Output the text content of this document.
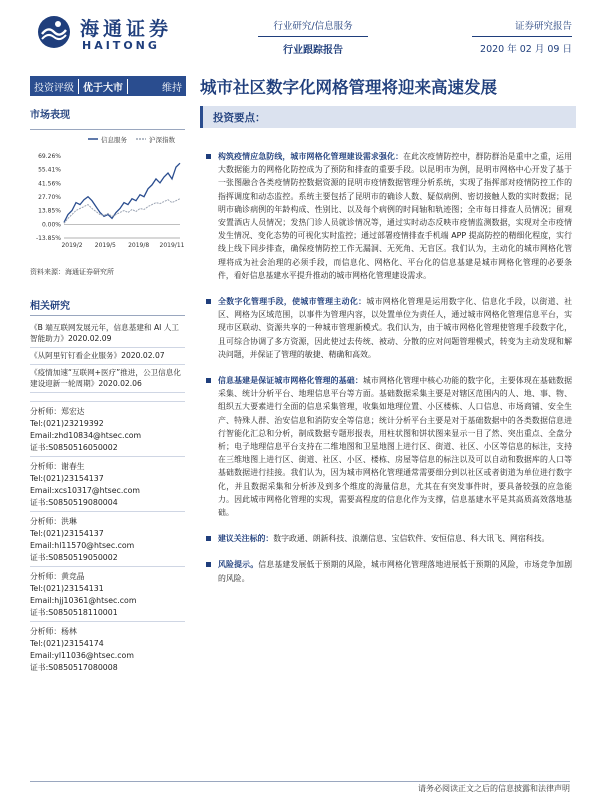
海通证券
HAITONG
行业研究/信息服务
行业跟踪报告
证券研究报告
2020 年 02 月 09 日
投资评级 优于大市	维持 城市社区数字化网格管理将迎来高速发展
市场表现
信息服务	沪深指数
69.26%
55.41%
41.56%
27.70%
13.85%
0.00%
-13.85%
2019/2 2019/5 2019/8 2019/11
资料来源：海通证券研究所
相关研究
《B 端互联网发展元年，信息基建和 AI 人工智能助力》2020.02.09
《从阿里钉钉看企业服务》2020.02.07
《疫情加速“互联网+医疗”推进，公卫信息化建设迎新一轮周期》2020.02.06
分析师：郑宏达
Tel:(021)23219392
Email:zhd10834@htsec.com
证书:S0850516050002
分析师：谢春生
Tel:(021)23154137
Email:xcs10317@htsec.com
证书:S0850519080004
分析师：洪琳
Tel:(021)23154137
Email:hl11570@htsec.com
证书:S0850519050002
分析师：黄竞晶
Tel:(021)23154131
Email:hjj10361@htsec.com
证书:S0850518110001
分析师：杨林
Tel:(021)23154174
Email:yl11036@htsec.com
证书:S0850517080008
投资要点：
构筑疫情应急防线，城市网格化管理建设需求强化：在此次疫情防控中，群防群治是重中之重，运用大数据能力的网格化防控成为了预防和排查的重要手段。以昆明市为例，昆明市网格中心开发了基于一张图融合各类疫情防控数据资源的昆明市疫情数据管理分析系统，实现了指挥部对疫情防控工作的指挥调度和动态监控。系统主要包括了昆明市的确诊人数、疑似病例、密切接触人数的实时数据；昆明市确诊病例的年龄构成、性别比、以及每个病例的时间轴和轨迹图；全市每日排查人员情况；留观安置酒店人员情况；发热门诊人员就诊情况等，通过实时动态反映市疫情监测数据，实现对全市疫情发生情况、变化态势的可视化实时监控；通过部署疫情排查手机端 APP 提高防控的精细化程度，实行线上线下同步排查，确保疫情防控工作无漏洞、无死角、无盲区。我们认为，主动化的城市网格化管理将成为社会治理的必须手段，而信息化、网格化、平台化的信息基建是城市网格化管理的必要条件，看好信息基建水平提升推动的城市网格化管理建设需求。
全数字化管理手段，使城市管理主动化：城市网格化管理是运用数字化、信息化手段，以街道、社区、网格为区域范围，以事件为管理内容，以处置单位为责任人，通过城市网格化管理信息平台，实现市区联动、资源共享的一种城市管理新模式。我们认为，由于城市网格化管理使管理手段数字化，且可综合协调了多方资源，因此使过去传统、被动、分散的应对问题管理模式，转变为主动发现和解决问题，并保证了管理的敏捷、精确和高效。
信息基建是保证城市网格化管理的基础：城市网格化管理中核心功能的数字化，主要体现在基础数据采集、统计分析平台、地理信息平台等方面。基础数据采集主要是对辖区范围内的人、地、事、物、组织五大要素进行全面的信息采集管理，收集如地理位置、小区楼栋、人口信息、市场商铺、安全生产、特殊人群、治安信息和消防安全等信息；统计分析平台主要是对于基础数据中的各类数据信息进行智能化汇总和分析，制成数据专题形报表，用柱状图和饼状图来显示一目了然、突出重点、全盘分析；电子地理信息平台支持在二维地图和卫星地图上进行区、街道、社区、小区等信息的标注，支持在三维地图上进行区、街道、社区、小区、楼栋、房屋等信息的标注以及可以自动和数据库的人口等基础数据进行挂接。我们认为，因为城市网格化管理通常需要细分到以社区或者街道为单位进行数字化，并且数据采集和分析涉及到多个维度的海量信息，尤其在有突发事件时，要具备较强的应急能力。因此城市网格化管理的实现，需要高程度的信息化作为支撑，信息基建水平是其高质高效落地基础。
建议关注标的：数字政通、朗新科技、浪潮信息、宝信软件、安恒信息、科大讯飞、网宿科技。
风险提示。信息基建发展低于预期的风险，城市网格化管理落地进展低于预期的风险，市场竞争加剧的风险。
请务必阅读正文之后的信息披露和法律声明
